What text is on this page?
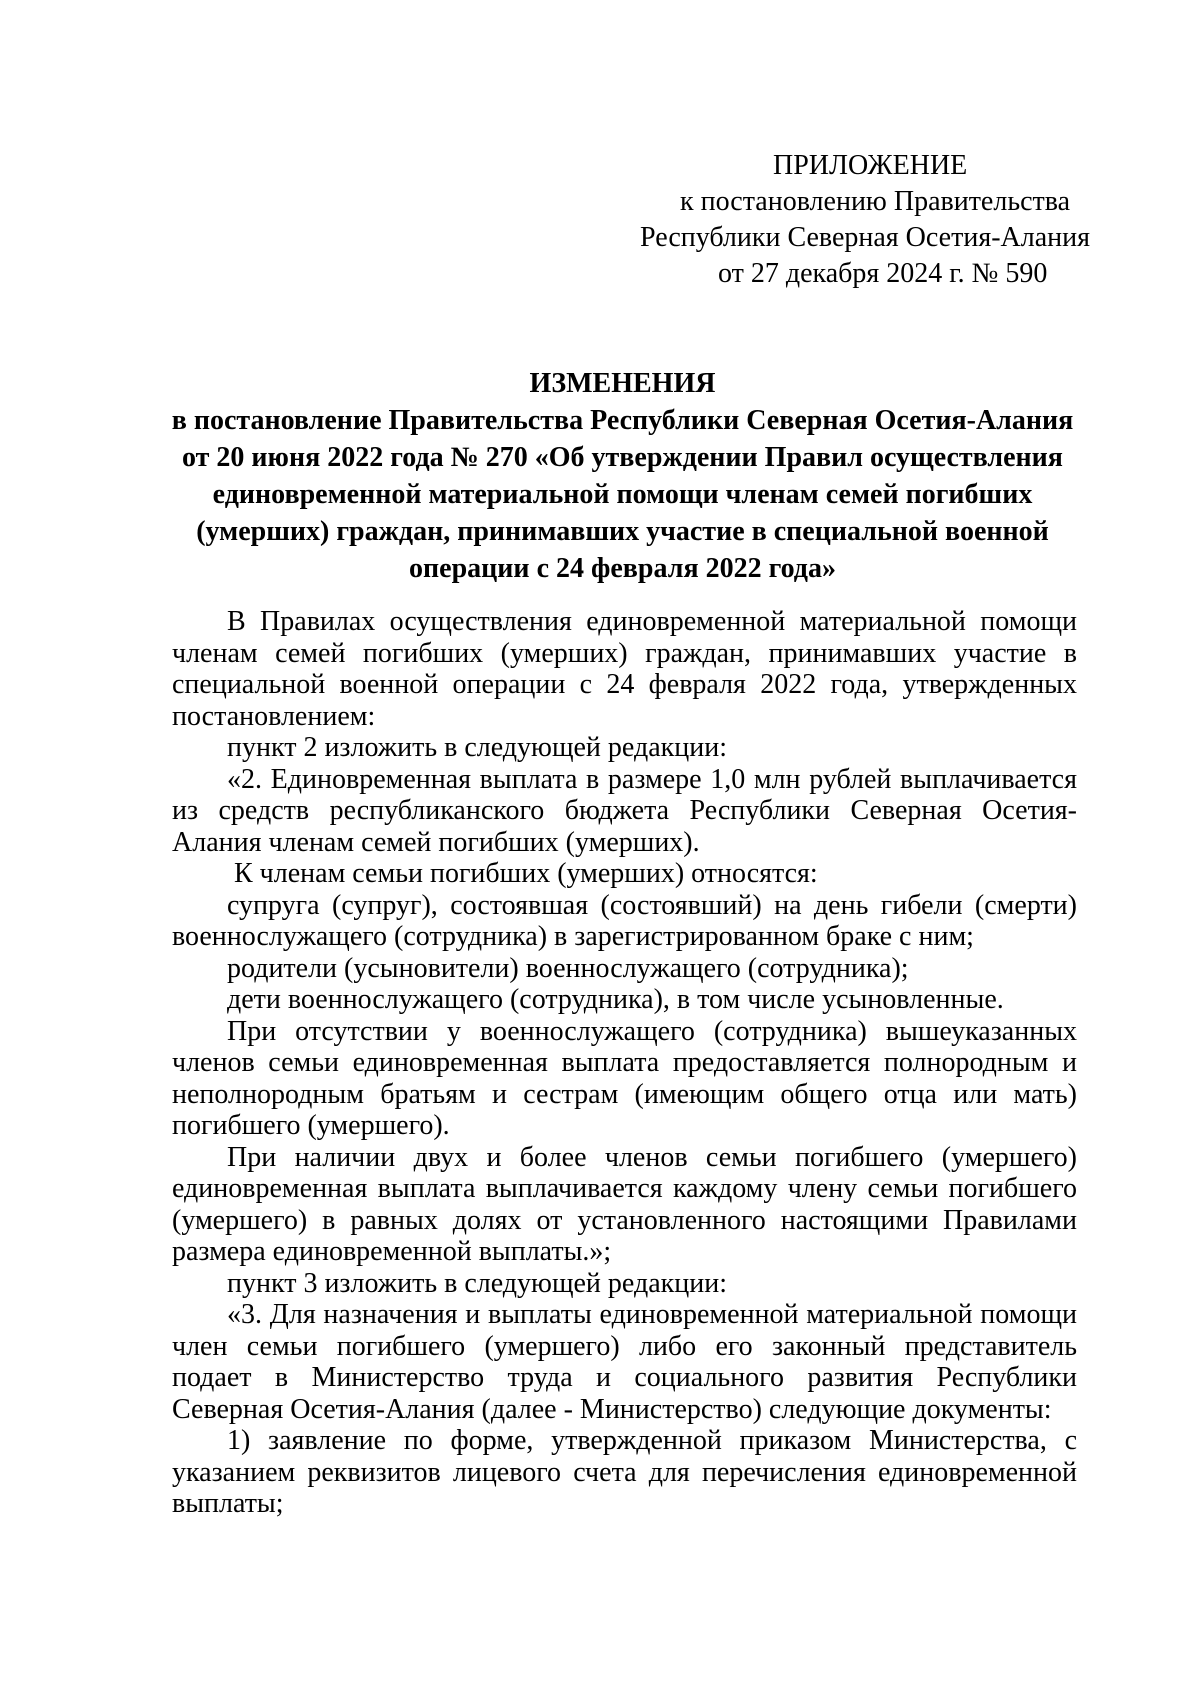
ПРИЛОЖЕНИЕ
к постановлению Правительства
Республики Северная Осетия-Алания
от 27 декабря 2024 г. № 590
ИЗМЕНЕНИЯ
в постановление Правительства Республики Северная Осетия-Алания
от 20 июня 2022 года № 270 «Об утверждении Правил осуществления
единовременной материальной помощи членам семей погибших
(умерших) граждан, принимавших участие в специальной военной
операции с 24 февраля 2022 года»

В Правилах осуществления единовременной материальной помощи членам семей погибших (умерших) граждан, принимавших участие в специальной военной операции с 24 февраля 2022 года, утвержденных постановлением:

пункт 2 изложить в следующей редакции:

«2. Единовременная выплата в размере 1,0 млн рублей выплачивается из средств республиканского бюджета Республики Северная Осетия-Алания членам семей погибших (умерших).

К членам семьи погибших (умерших) относятся:

супруга (супруг), состоявшая (состоявший) на день гибели (смерти) военнослужащего (сотрудника) в зарегистрированном браке с ним;

родители (усыновители) военнослужащего (сотрудника);

дети военнослужащего (сотрудника), в том числе усыновленные.

При отсутствии у военнослужащего (сотрудника) вышеуказанных членов семьи единовременная выплата предоставляется полнородным и неполнородным братьям и сестрам (имеющим общего отца или мать) погибшего (умершего).

При наличии двух и более членов семьи погибшего (умершего) единовременная выплата выплачивается каждому члену семьи погибшего (умершего) в равных долях от установленного настоящими Правилами размера единовременной выплаты.»;

пункт 3 изложить в следующей редакции:

«3. Для назначения и выплаты единовременной материальной помощи член семьи погибшего (умершего) либо его законный представитель подает в Министерство труда и социального развития Республики Северная Осетия-Алания (далее - Министерство) следующие документы:

1) заявление по форме, утвержденной приказом Министерства, с указанием реквизитов лицевого счета для перечисления единовременной выплаты;
